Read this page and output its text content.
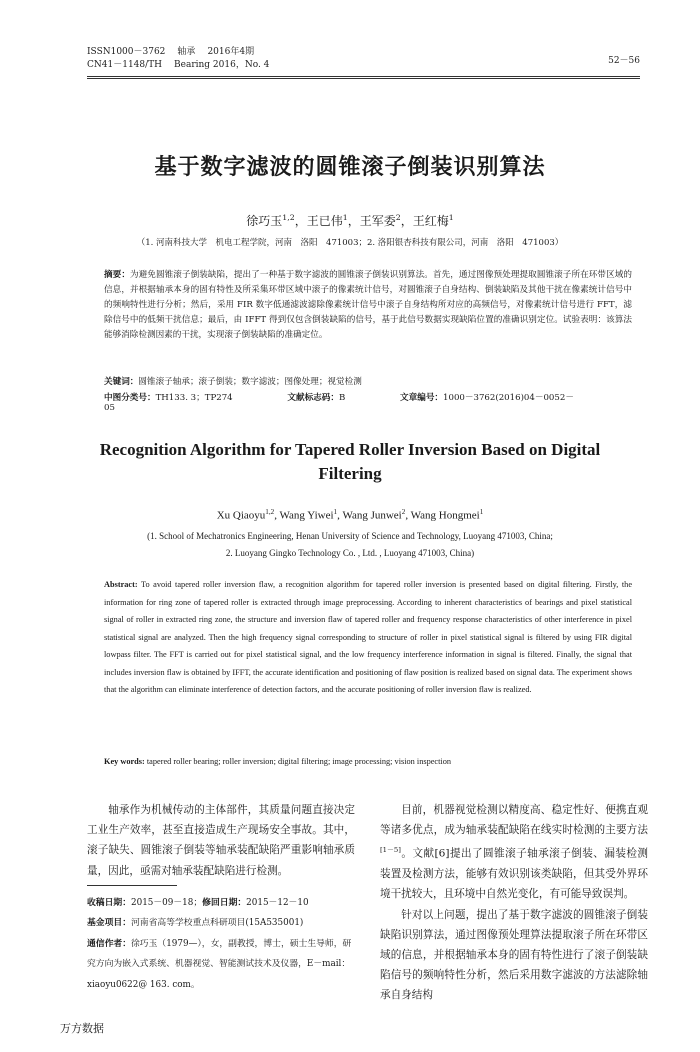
ISSN1000－3762 轴承 2016年4期
CN41－1148/TH Bearing 2016，No. 4	52－56
基于数字滤波的圆锥滚子倒装识别算法
徐巧玉$^{1,2}$，王已伟$^1$，王军委$^2$，王红梅$^1$
（1. 河南科技大学　机电工程学院，河南　洛阳　471003；2. 洛阳银杏科技有限公司，河南　洛阳　471003）
摘要：为避免圆锥滚子倒装缺陷，提出了一种基于数字滤波的圆锥滚子倒装识别算法。首先，通过图像预处理提取圆锥滚子所在环带区域的信息，并根据轴承本身的固有特性及所采集环带区域中滚子的像素统计信号，对圆锥滚子自身结构、倒装缺陷及其他干扰在像素统计信号中的频响特性进行分析；然后，采用 FIR 数字低通滤波滤除像素统计信号中滚子自身结构所对应的高频信号，对像素统计信号进行 FFT，滤除信号中的低频干扰信息；最后，由 IFFT 得到仅包含倒装缺陷的信号，基于此信号数据实现缺陷位置的准确识别定位。试验表明：该算法能够消除检测因素的干扰，实现滚子倒装缺陷的准确定位。
关键词：圆锥滚子轴承；滚子倒装；数字滤波；图像处理；视觉检测
中图分类号：TH133. 3；TP274	文献标志码：B	文章编号：1000－3762(2016)04－0052－05
Recognition Algorithm for Tapered Roller Inversion Based on Digital Filtering
Xu Qiaoyu$^{1,2}$, Wang Yiwei$^1$, Wang Junwei$^2$, Wang Hongmei$^1$
(1. School of Mechatronics Engineering, Henan University of Science and Technology, Luoyang 471003, China;
2. Luoyang Gingko Technology Co. , Ltd. , Luoyang 471003, China)
Abstract: To avoid tapered roller inversion flaw, a recognition algorithm for tapered roller inversion is presented based on digital filtering. Firstly, the information for ring zone of tapered roller is extracted through image preprocessing. According to inherent characteristics of bearings and pixel statistical signal of roller in extracted ring zone, the structure and inversion flaw of tapered roller and frequency response characteristics of other interference in pixel statistical signal are analyzed. Then the high frequency signal corresponding to structure of roller in pixel statistical signal is filtered by using FIR digital lowpass filter. The FFT is carried out for pixel statistical signal, and the low frequency interference information in signal is filtered. Finally, the signal that includes inversion flaw is obtained by IFFT, the accurate identification and positioning of flaw position is realized based on signal data. The experiment shows that the algorithm can eliminate interference of detection factors, and the accurate positioning of roller inversion flaw is realized.
Key words: tapered roller bearing; roller inversion; digital filtering; image processing; vision inspection

轴承作为机械传动的主体部件，其质量问题直接决定工业生产效率，甚至直接造成生产现场安全事故。其中，滚子缺失、圆锥滚子倒装等轴承装配缺陷严重影响轴承质量，因此，亟需对轴承装配缺陷进行检测。

目前，机器视觉检测以精度高、稳定性好、便携直观等诸多优点，成为轴承装配缺陷在线实时检测的主要方法[1－5]。文献[6]提出了圆锥滚子轴承滚子倒装、漏装检测装置及检测方法，能够有效识别该类缺陷，但其受外界环境干扰较大，且环境中自然光变化，有可能导致误判。

针对以上问题，提出了基于数字滤波的圆锥滚子倒装缺陷识别算法，通过图像预处理算法提取滚子所在环带区域的信息，并根据轴承本身的固有特性进行了滚子倒装缺陷信号的频响特性分析，然后采用数字滤波的方法滤除轴承自身结构

收稿日期：2015－09－18；修回日期：2015－12－10

基金项目：河南省高等学校重点科研项目(15A535001)

通信作者：徐巧玉（1979—），女，副教授，博士，硕士生导师，研究方向为嵌入式系统、机器视觉、智能测试技术及仪器，E－mail：xiaoyu0622@ 163. com。

万方数据
